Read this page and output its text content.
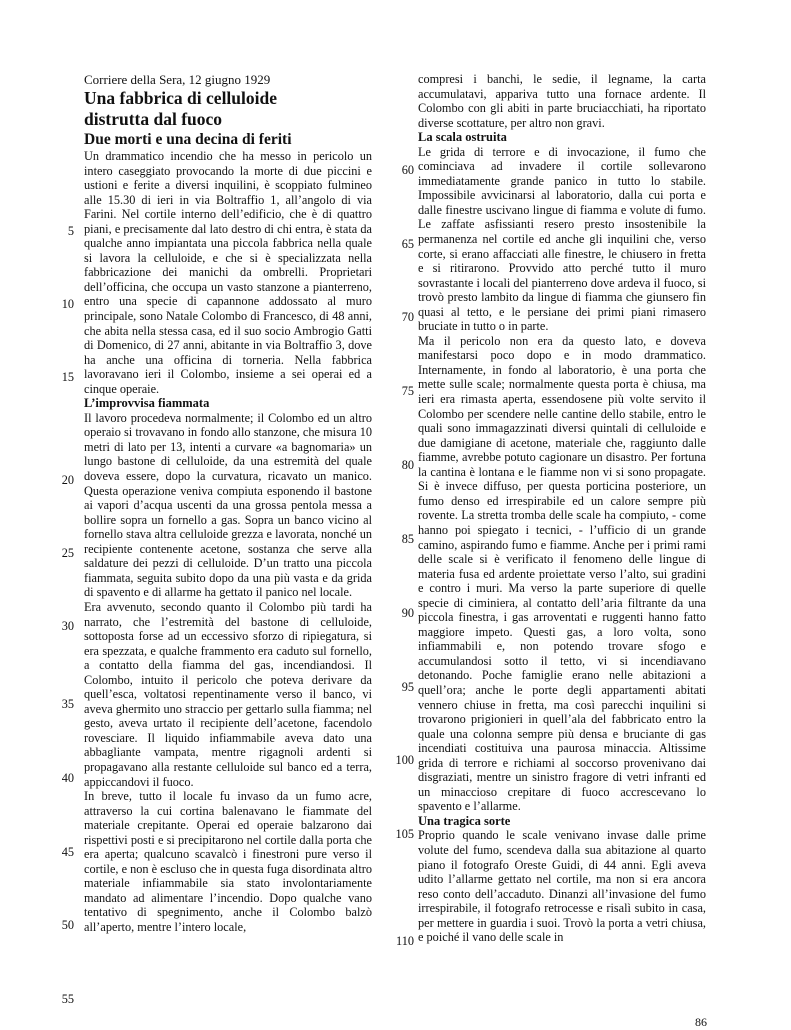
Corriere della Sera, 12 giugno 1929

Una fabbrica di celluloide

distrutta dal fuoco

Due morti e una decina di feriti

Un drammatico incendio che ha messo in pericolo un intero caseggiato provocando la morte di due piccini e ustioni e ferite a diversi inquilini, è scoppiato fulmineo alle 15.30 di ieri in via Boltraffio 1, all’angolo di via Farini. Nel cortile interno dell’edificio, che è di quattro piani, e precisamente dal lato destro di chi entra, è stata da qualche anno impiantata una piccola fabbrica nella quale si lavora la celluloide, e che si è specializzata nella fabbricazione dei manichi da ombrelli. Proprietari dell’officina, che occupa un vasto stanzone a pianterreno, entro una specie di capannone addossato al muro principale, sono Natale Colombo di Francesco, di 48 anni, che abita nella stessa casa, ed il suo socio Ambrogio Gatti di Domenico, di 27 anni, abitante in via Boltraffio 3, dove ha anche una officina di torneria. Nella fabbrica lavoravano ieri il Colombo, insieme a sei operai ed a cinque operaie.

L’improvvisa fiammata

Il lavoro procedeva normalmente; il Colombo ed un altro operaio si trovavano in fondo allo stanzone, che misura 10 metri di lato per 13, intenti a curvare «a bagnomaria» un lungo bastone di celluloide, da una estremità del quale doveva essere, dopo la curvatura, ricavato un manico. Questa operazione veniva compiuta esponendo il bastone ai vapori d’acqua uscenti da una grossa pentola messa a bollire sopra un fornello a gas. Sopra un banco vicino al fornello stava altra celluloide grezza e lavorata, nonché un recipiente contenente acetone, sostanza che serve alla saldature dei pezzi di celluloide. D’un tratto una piccola fiammata, seguita subito dopo da una più vasta e da grida di spavento e di allarme ha gettato il panico nel locale.

Era avvenuto, secondo quanto il Colombo più tardi ha narrato, che l’estremità del bastone di celluloide, sottoposta forse ad un eccessivo sforzo di ripiegatura, si era spezzata, e qualche frammento era caduto sul fornello, a contatto della fiamma del gas, incendiandosi. Il Colombo, intuito il pericolo che poteva derivare da quell’esca, voltatosi repentinamente verso il banco, vi aveva ghermito uno straccio per gettarlo sulla fiamma; nel gesto, aveva urtato il recipiente dell’acetone, facendolo rovesciare. Il liquido infiammabile aveva dato una abbagliante vampata, mentre rigagnoli ardenti si propagavano alla restante celluloide sul banco ed a terra, appiccandovi il fuoco.

In breve, tutto il locale fu invaso da un fumo acre, attraverso la cui cortina balenavano le fiammate del materiale crepitante. Operai ed operaie balzarono dai rispettivi posti e si precipitarono nel cortile dalla porta che era aperta; qualcuno scavalcò i finestroni pure verso il cortile, e non è escluso che in questa fuga disordinata altro materiale infiammabile sia stato involontariamente mandato ad alimentare l’incendio. Dopo qualche vano tentativo di spegnimento, anche il Colombo balzò all’aperto, mentre l’intero locale,

compresi i banchi, le sedie, il legname, la carta accumulatavi, appariva tutto una fornace ardente. Il Colombo con gli abiti in parte bruciacchiati, ha riportato diverse scottature, per altro non gravi.

La scala ostruita

Le grida di terrore e di invocazione, il fumo che cominciava ad invadere il cortile sollevarono immediatamente grande panico in tutto lo stabile. Impossibile avvicinarsi al laboratorio, dalla cui porta e dalle finestre uscivano lingue di fiamma e volute di fumo. Le zaffate asfissianti resero presto insostenibile la permanenza nel cortile ed anche gli inquilini che, verso corte, si erano affacciati alle finestre, le chiusero in fretta e si ritirarono. Provvido atto perché tutto il muro sovrastante i locali del pianterreno dove ardeva il fuoco, si trovò presto lambito da lingue di fiamma che giunsero fin quasi al tetto, e le persiane dei primi piani rimasero bruciate in tutto o in parte.

Ma il pericolo non era da questo lato, e doveva manifestarsi poco dopo e in modo drammatico. Internamente, in fondo al laboratorio, è una porta che mette sulle scale; normalmente questa porta è chiusa, ma ieri era rimasta aperta, essendosene più volte servito il Colombo per scendere nelle cantine dello stabile, entro le quali sono immagazzinati diversi quintali di celluloide e due damigiane di acetone, materiale che, raggiunto dalle fiamme, avrebbe potuto cagionare un disastro. Per fortuna la cantina è lontana e le fiamme non vi si sono propagate. Si è invece diffuso, per questa porticina posteriore, un fumo denso ed irrespirabile ed un calore sempre più rovente. La stretta tromba delle scale ha compiuto, - come hanno poi spiegato i tecnici, - l’ufficio di un grande camino, aspirando fumo e fiamme. Anche per i primi rami delle scale si è verificato il fenomeno delle lingue di materia fusa ed ardente proiettate verso l’alto, sui gradini e contro i muri. Ma verso la parte superiore di quelle specie di ciminiera, al contatto dell’aria filtrante da una piccola finestra, i gas arroventati e ruggenti hanno fatto maggiore impeto. Questi gas, a loro volta, sono infiammabili e, non potendo trovare sfogo e accumulandosi sotto il tetto, vi si incendiavano detonando. Poche famiglie erano nelle abitazioni a quell’ora; anche le porte degli appartamenti abitati vennero chiuse in fretta, ma così parecchi inquilini si trovarono prigionieri in quell’ala del fabbricato entro la quale una colonna sempre più densa e bruciante di gas incendiati costituiva una paurosa minaccia. Altissime grida di terrore e richiami al soccorso provenivano dai disgraziati, mentre un sinistro fragore di vetri infranti ed un minaccioso crepitare di fuoco accrescevano lo spavento e l’allarme.

Una tragica sorte

Proprio quando le scale venivano invase dalle prime volute del fumo, scendeva dalla sua abitazione al quarto piano il fotografo Oreste Guidi, di 44 anni. Egli aveva udito l’allarme gettato nel cortile, ma non si era ancora reso conto dell’accaduto. Dinanzi all’invasione del fumo irrespirabile, il fotografo retrocesse e risalì subito in casa, per mettere in guardia i suoi. Trovò la porta a vetri chiusa, e poiché il vano delle scale in

5
10
15
20
25
30
35
40
45
50
55
60
65
70
75
80
85
90
95
100
105
110
86
